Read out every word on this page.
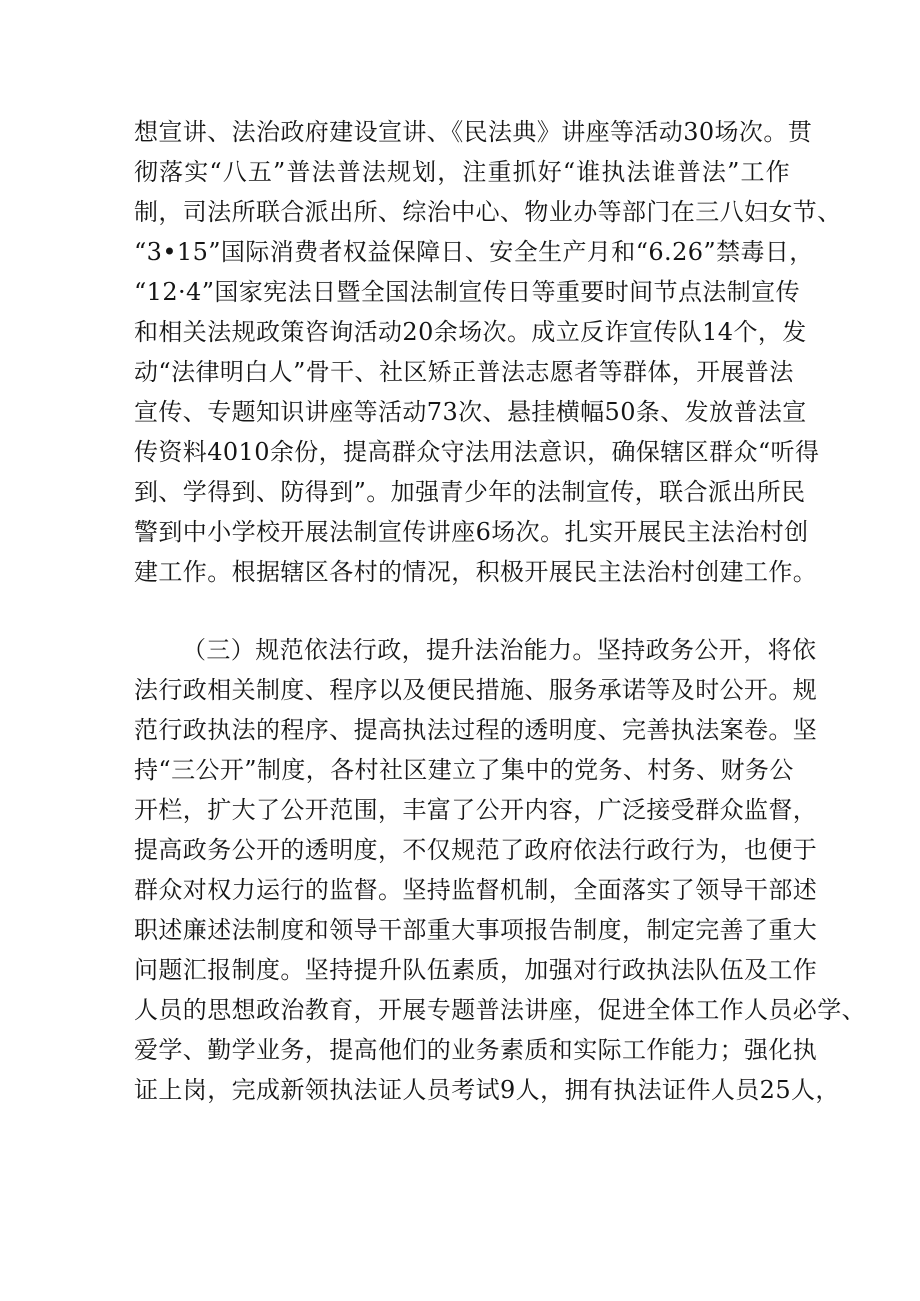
想宣讲、法治政府建设宣讲、《民法典》讲座等活动30场次。贯

彻落实“八五”普法普法规划，注重抓好“谁执法谁普法”工作

制，司法所联合派出所、综治中心、物业办等部门在三八妇女节、

“3•15”国际消费者权益保障日、安全生产月和“6.26”禁毒日，

“12·4”国家宪法日暨全国法制宣传日等重要时间节点法制宣传

和相关法规政策咨询活动20余场次。成立反诈宣传队14个，发

动“法律明白人”骨干、社区矫正普法志愿者等群体，开展普法

宣传、专题知识讲座等活动73次、悬挂横幅50条、发放普法宣

传资料4010余份，提高群众守法用法意识，确保辖区群众“听得

到、学得到、防得到”。加强青少年的法制宣传，联合派出所民

警到中小学校开展法制宣传讲座6场次。扎实开展民主法治村创

建工作。根据辖区各村的情况，积极开展民主法治村创建工作。

（三）规范依法行政，提升法治能力。坚持政务公开，将依

法行政相关制度、程序以及便民措施、服务承诺等及时公开。规

范行政执法的程序、提高执法过程的透明度、完善执法案卷。坚

持“三公开”制度，各村社区建立了集中的党务、村务、财务公

开栏，扩大了公开范围，丰富了公开内容，广泛接受群众监督，

提高政务公开的透明度，不仅规范了政府依法行政行为，也便于

群众对权力运行的监督。坚持监督机制，全面落实了领导干部述

职述廉述法制度和领导干部重大事项报告制度，制定完善了重大

问题汇报制度。坚持提升队伍素质，加强对行政执法队伍及工作

人员的思想政治教育，开展专题普法讲座，促进全体工作人员必学、

爱学、勤学业务，提高他们的业务素质和实际工作能力；强化执

证上岗，完成新领执法证人员考试9人，拥有执法证件人员25人，
